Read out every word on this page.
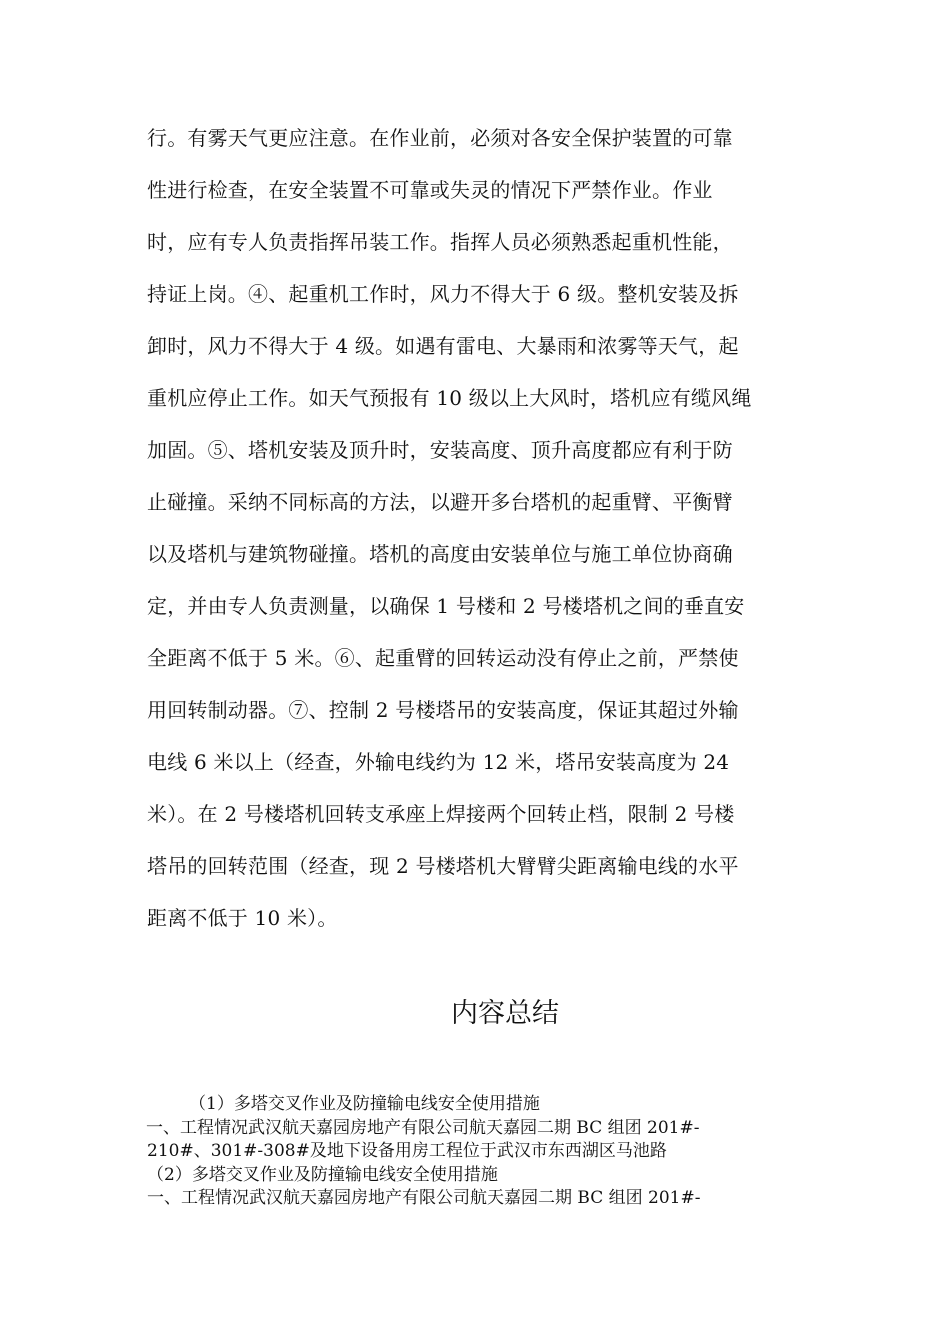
行。有雾天气更应注意。在作业前，必须对各安全保护装置的可靠
性进行检查，在安全装置不可靠或失灵的情况下严禁作业。作业
时，应有专人负责指挥吊装工作。指挥人员必须熟悉起重机性能，
持证上岗。④、起重机工作时，风力不得大于 6 级。整机安装及拆
卸时，风力不得大于 4 级。如遇有雷电、大暴雨和浓雾等天气，起
重机应停止工作。如天气预报有 10 级以上大风时，塔机应有缆风绳
加固。⑤、塔机安装及顶升时，安装高度、顶升高度都应有利于防
止碰撞。采纳不同标高的方法，以避开多台塔机的起重臂、平衡臂
以及塔机与建筑物碰撞。塔机的高度由安装单位与施工单位协商确
定，并由专人负责测量，以确保 1 号楼和 2 号楼塔机之间的垂直安
全距离不低于 5 米。⑥、起重臂的回转运动没有停止之前，严禁使
用回转制动器。⑦、控制 2 号楼塔吊的安装高度，保证其超过外输
电线 6 米以上（经查，外输电线约为 12 米，塔吊安装高度为 24
米）。在 2 号楼塔机回转支承座上焊接两个回转止档，限制 2 号楼
塔吊的回转范围（经查，现 2 号楼塔机大臂臂尖距离输电线的水平
距离不低于 10 米）。
内容总结
（1）多塔交叉作业及防撞输电线安全使用措施
一、工程情况武汉航天嘉园房地产有限公司航天嘉园二期 BC 组团 201#-
210#、301#-308#及地下设备用房工程位于武汉市东西湖区马池路
（2）多塔交叉作业及防撞输电线安全使用措施
一、工程情况武汉航天嘉园房地产有限公司航天嘉园二期 BC 组团 201#-
